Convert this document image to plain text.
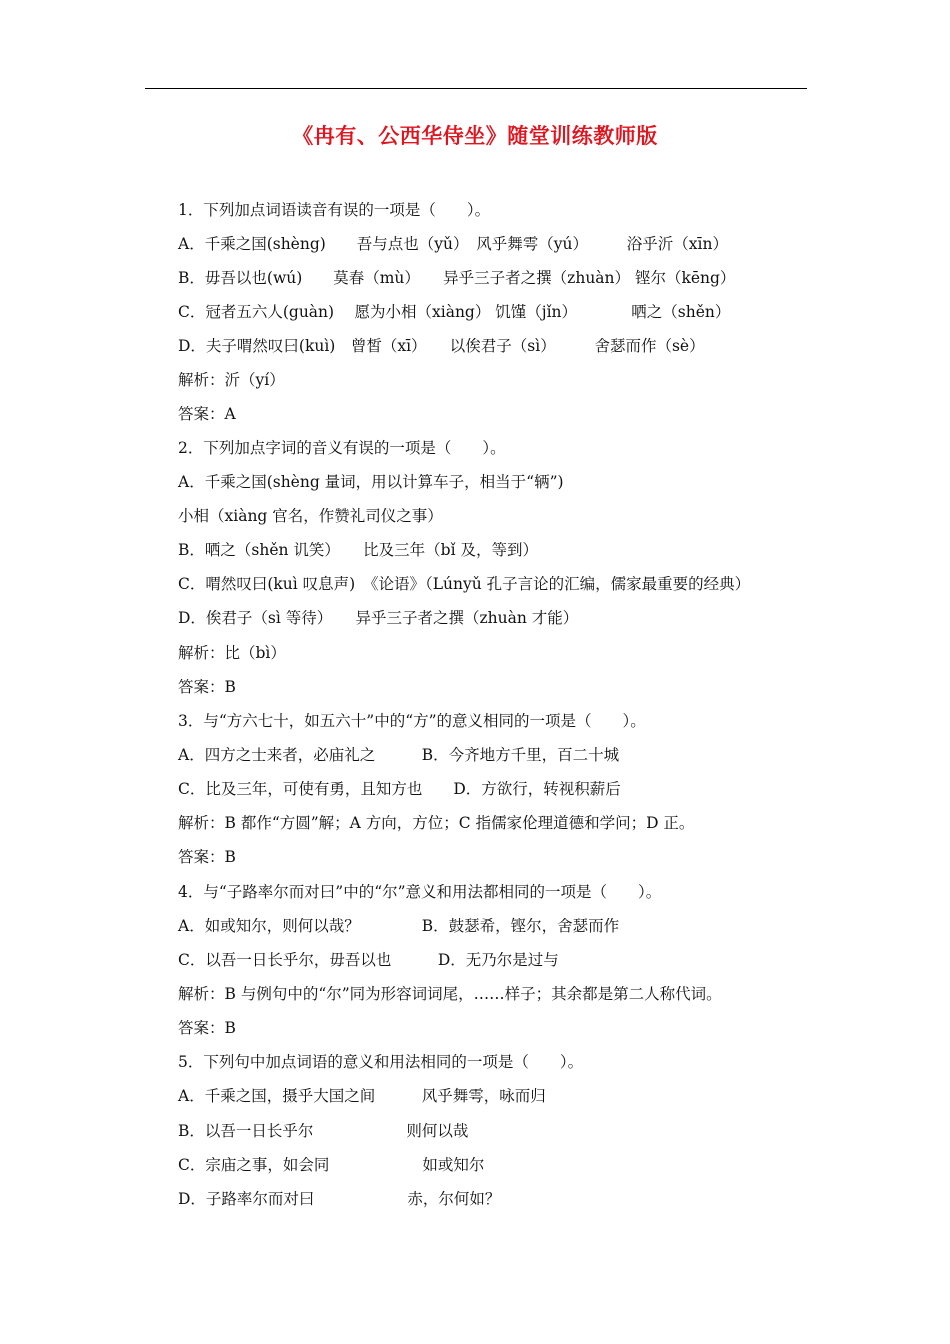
《冉有、公西华侍坐》随堂训练教师版
1．下列加点词语读音有误的一项是（　　）。
A．千乘之国(shèng)　　吾与点也（yǔ）　风乎舞雩（yú）　　　浴乎沂（xīn）
B．毋吾以也(wú)　　莫春（mù）　　异乎三子者之撰（zhuàn） 铿尔（kēng）
C．冠者五六人(guàn)　 愿为小相（xiàng） 饥馑（jǐn）　　　　哂之（shěn）
D．夫子喟然叹曰(kuì)　曾皙（xī）　　以俟君子（sì）　　　舍瑟而作（sè）
解析：沂（yí）
答案：A
2．下列加点字词的音义有误的一项是（　　）。
A．千乘之国(shèng 量词，用以计算车子，相当于“辆”)
小相（xiàng 官名，作赞礼司仪之事）
B．哂之（shěn 讥笑）　　比及三年（bǐ 及，等到）
C．喟然叹曰(kuì 叹息声)　《论语》（Lúnyǔ 孔子言论的汇编，儒家最重要的经典）
D．俟君子（sì 等待）　　异乎三子者之撰（zhuàn 才能）
解析：比（bì）
答案：B
3．与“方六七十，如五六十”中的“方”的意义相同的一项是（　　）。
A．四方之士来者，必庙礼之　　　B．今齐地方千里，百二十城
C．比及三年，可使有勇，且知方也　　D．方欲行，转视积薪后
解析：B 都作“方圆”解；A 方向，方位；C 指儒家伦理道德和学问；D 正。
答案：B
4．与“子路率尔而对曰”中的“尔”意义和用法都相同的一项是（　　）。
A．如或知尔，则何以哉？　　　　B．鼓瑟希，铿尔，舍瑟而作
C．以吾一日长乎尔，毋吾以也　　　D．无乃尔是过与
解析：B 与例句中的“尔”同为形容词词尾，……样子；其余都是第二人称代词。
答案：B
5．下列句中加点词语的意义和用法相同的一项是（　　）。
A．千乘之国，摄乎大国之间　　　风乎舞雩，咏而归
B．以吾一日长乎尔　　　　　　则何以哉
C．宗庙之事，如会同　　　　　　如或知尔
D．子路率尔而对曰　　　　　　赤，尔何如？
